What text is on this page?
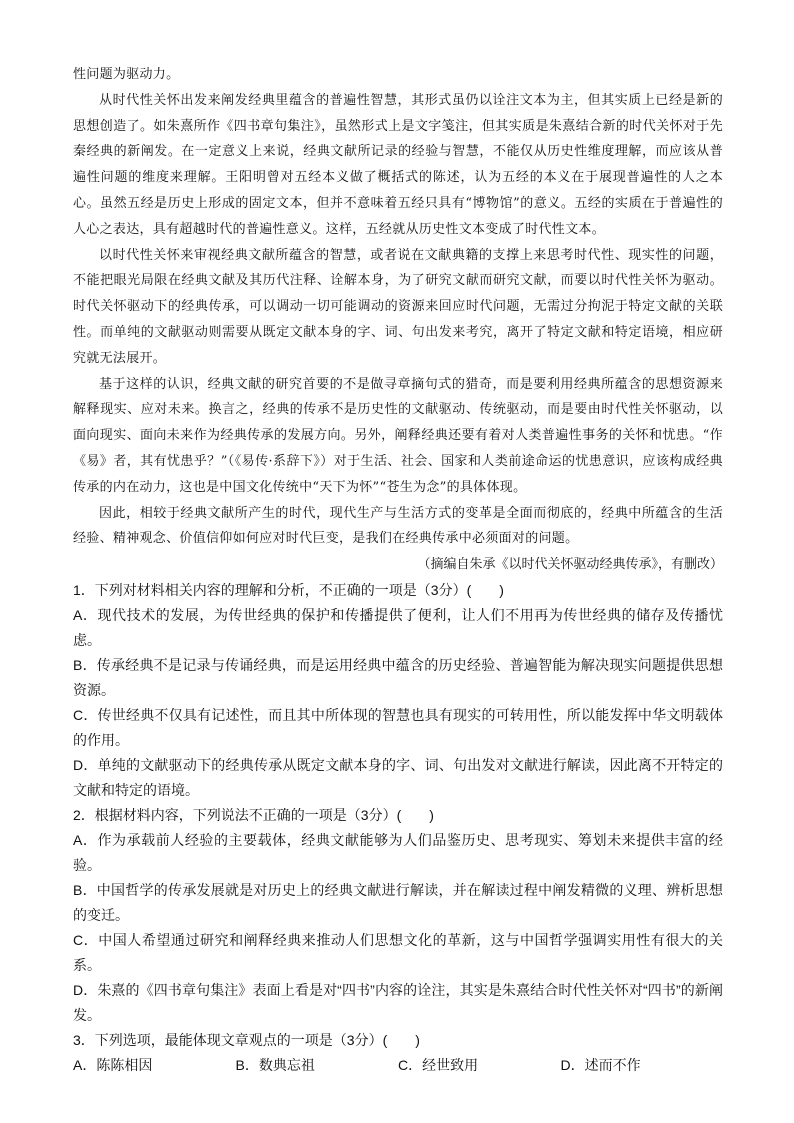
性问题为驱动力。

从时代性关怀出发来阐发经典里蕴含的普遍性智慧，其形式虽仍以诠注文本为主，但其实质上已经是新的思想创造了。如朱熹所作《四书章句集注》，虽然形式上是文字笺注，但其实质是朱熹结合新的时代关怀对于先秦经典的新阐发。在一定意义上来说，经典文献所记录的经验与智慧，不能仅从历史性维度理解，而应该从普遍性问题的维度来理解。王阳明曾对五经本义做了概括式的陈述，认为五经的本义在于展现普遍性的人之本心。虽然五经是历史上形成的固定文本，但并不意味着五经只具有“博物馆”的意义。五经的实质在于普遍性的人心之表达，具有超越时代的普遍性意义。这样，五经就从历史性文本变成了时代性文本。

以时代性关怀来审视经典文献所蕴含的智慧，或者说在文献典籍的支撑上来思考时代性、现实性的问题，不能把眼光局限在经典文献及其历代注释、诠解本身，为了研究文献而研究文献，而要以时代性关怀为驱动。时代关怀驱动下的经典传承，可以调动一切可能调动的资源来回应时代问题，无需过分拘泥于特定文献的关联性。而单纯的文献驱动则需要从既定文献本身的字、词、句出发来考究，离开了特定文献和特定语境，相应研究就无法展开。

基于这样的认识，经典文献的研究首要的不是做寻章摘句式的猎奇，而是要利用经典所蕴含的思想资源来解释现实、应对未来。换言之，经典的传承不是历史性的文献驱动、传统驱动，而是要由时代性关怀驱动，以面向现实、面向未来作为经典传承的发展方向。另外，阐释经典还要有着对人类普遍性事务的关怀和忧患。“作《易》者，其有忧患乎？”（《易传·系辞下》）对于生活、社会、国家和人类前途命运的忧患意识，应该构成经典传承的内在动力，这也是中国文化传统中“天下为怀”“苍生为念”的具体体现。

因此，相较于经典文献所产生的时代，现代生产与生活方式的变革是全面而彻底的，经典中所蕴含的生活经验、精神观念、价值信仰如何应对时代巨变，是我们在经典传承中必须面对的问题。

（摘编自朱承《以时代关怀驱动经典传承》，有删改）

1．下列对材料相关内容的理解和分析，不正确的一项是（3分）(　　)

A．现代技术的发展，为传世经典的保护和传播提供了便利，让人们不用再为传世经典的储存及传播忧虑。

B．传承经典不是记录与传诵经典，而是运用经典中蕴含的历史经验、普遍智能为解决现实问题提供思想资源。

C．传世经典不仅具有记述性，而且其中所体现的智慧也具有现实的可转用性，所以能发挥中华文明载体的作用。

D．单纯的文献驱动下的经典传承从既定文献本身的字、词、句出发对文献进行解读，因此离不开特定的文献和特定的语境。

2．根据材料内容，下列说法不正确的一项是（3分）(　　)

A．作为承载前人经验的主要载体，经典文献能够为人们品鉴历史、思考现实、筹划未来提供丰富的经验。

B．中国哲学的传承发展就是对历史上的经典文献进行解读，并在解读过程中阐发精微的义理、辨析思想的变迁。

C．中国人希望通过研究和阐释经典来推动人们思想文化的革新，这与中国哲学强调实用性有很大的关系。

D．朱熹的《四书章句集注》表面上看是对“四书”内容的诠注，其实是朱熹结合时代性关怀对“四书”的新阐发。

3．下列选项，最能体现文章观点的一项是（3分）(　　)

A．陈陈相因	B．数典忘祖	C．经世致用	D．述而不作
